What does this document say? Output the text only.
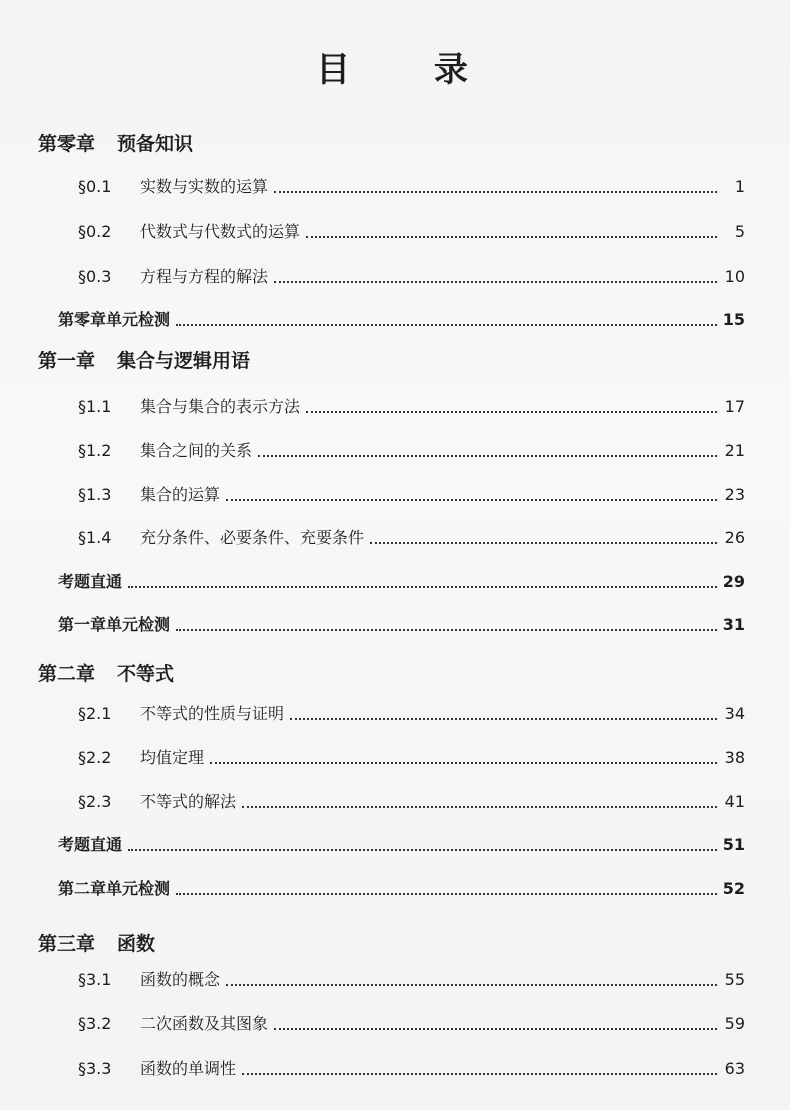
目 录
第零章 预备知识
§0.1	实数与实数的运算	1
§0.2	代数式与代数式的运算	5
§0.3	方程与方程的解法	10
第零章单元检测	15
第一章 集合与逻辑用语
§1.1	集合与集合的表示方法	17
§1.2	集合之间的关系	21
§1.3	集合的运算	23
§1.4	充分条件、必要条件、充要条件	26
考题直通	29
第一章单元检测	31
第二章 不等式
§2.1	不等式的性质与证明	34
§2.2	均值定理	38
§2.3	不等式的解法	41
考题直通	51
第二章单元检测	52
第三章 函数
§3.1	函数的概念	55
§3.2	二次函数及其图象	59
§3.3	函数的单调性	63
